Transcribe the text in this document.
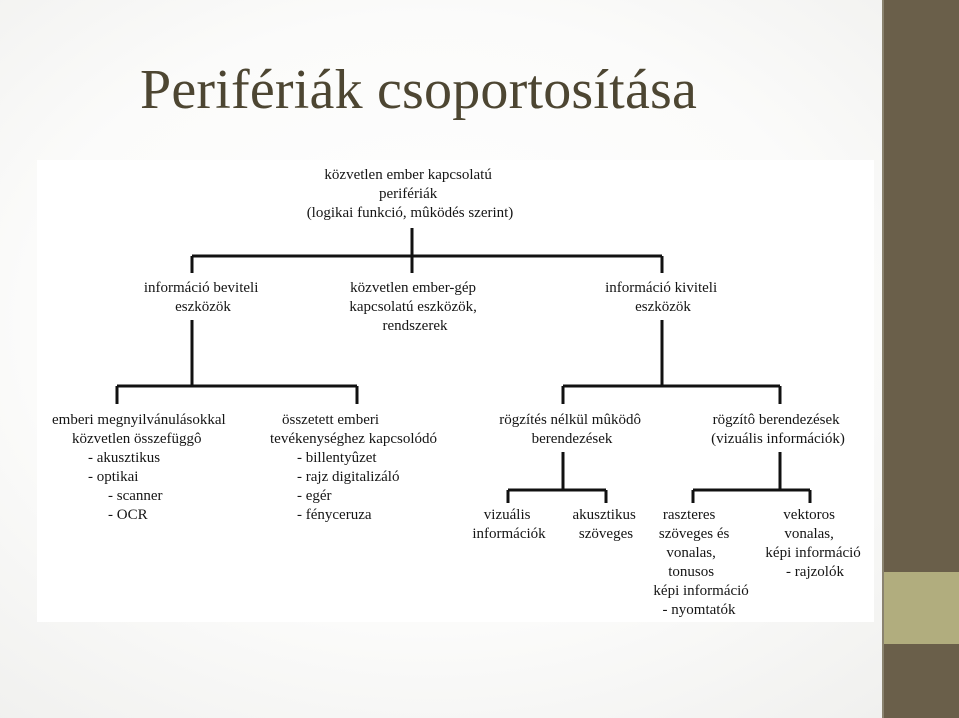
Perifériák csoportosítása
közvetlen ember kapcsolatú perifériák (logikai funkció, mûködés szerint)
információ beviteli eszközök
közvetlen ember-gép kapcsolatú eszközök, rendszerek
információ kiviteli eszközök
emberi megnyilvánulásokkal közvetlen összefüggô - akusztikus - optikai - scanner - OCR
összetett emberi tevékenységhez kapcsolódó - billentyûzet - rajz digitalizáló - egér - fényceruza
rögzítés nélkül mûködô berendezések
rögzítô berendezések (vizuális információk)
vizuális információk
akusztikus szöveges
raszteres szöveges és vonalas, tonusos képi információ - nyomtatók
vektoros vonalas, képi információ - rajzolók
